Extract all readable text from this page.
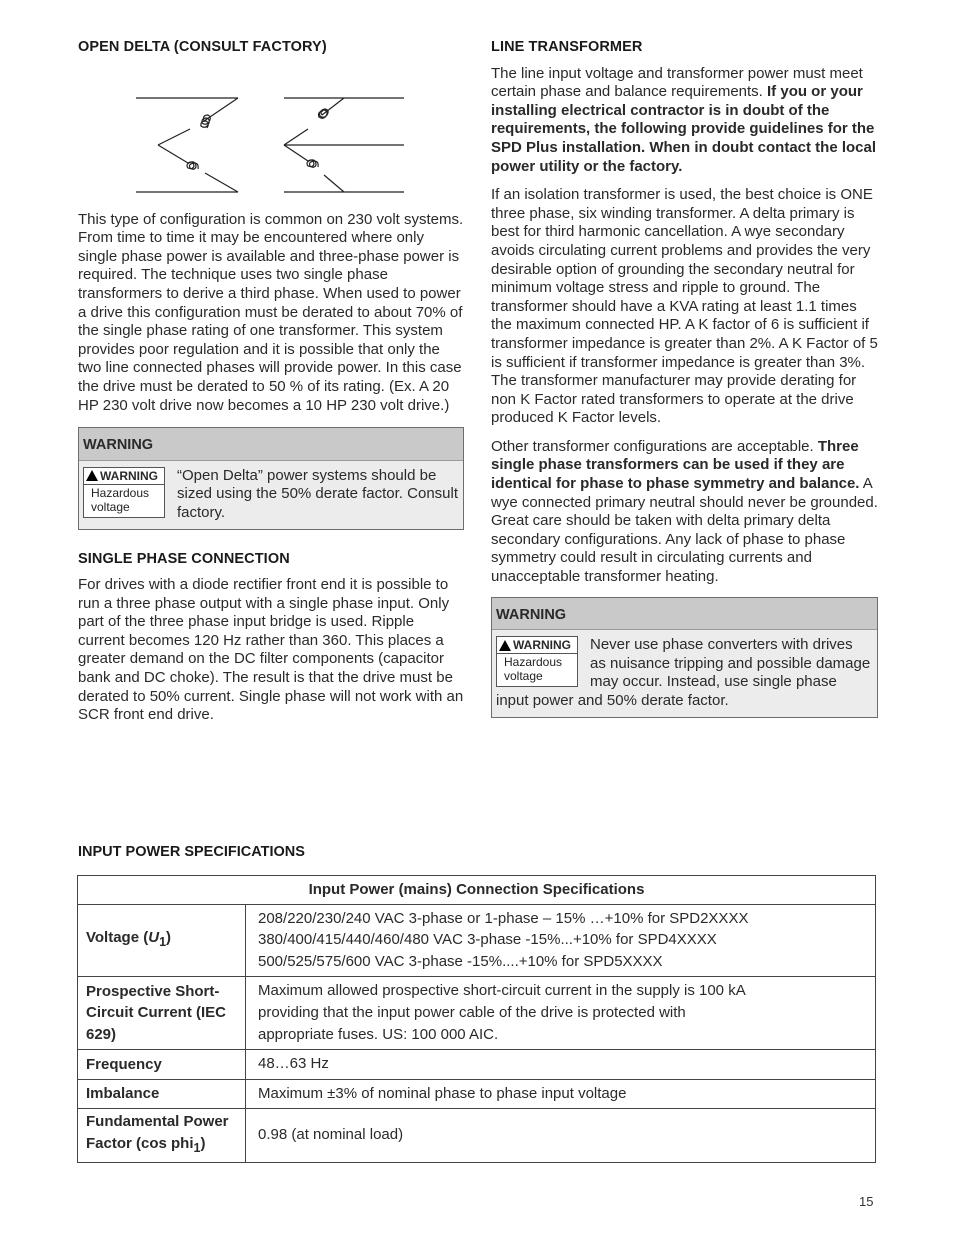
OPEN DELTA (CONSULT FACTORY)

This type of configuration is common on 230 volt systems. From time to time it may be encountered where only single phase power is available and three-phase power is required. The technique uses two single phase transformers to derive a third phase. When used to power a drive this configuration must be derated to about 70% of the single phase rating of one transformer. This system provides poor regulation and it is possible that only the two line connected phases will provide power. In this case the drive must be derated to 50 % of its rating. (Ex. A 20 HP 230 volt drive now becomes a 10 HP 230 volt drive.)

WARNING
WARNING
Hazardous voltage
“Open Delta” power systems should be sized using the 50% derate factor. Consult factory.
SINGLE PHASE CONNECTION

For drives with a diode rectifier front end it is possible to run a three phase output with a single phase input. Only part of the three phase input bridge is used. Ripple current becomes 120 Hz rather than 360. This places a greater demand on the DC filter components (capacitor bank and DC choke). The result is that the drive must be derated to 50% current. Single phase will not work with an SCR front end drive.

LINE TRANSFORMER

The line input voltage and transformer power must meet certain phase and balance requirements. If you or your installing electrical contractor is in doubt of the requirements, the following provide guidelines for the SPD Plus installation. When in doubt contact the local power utility or the factory.

If an isolation transformer is used, the best choice is ONE three phase, six winding transformer. A delta primary is best for third harmonic cancellation. A wye secondary avoids circulating current problems and provides the very desirable option of grounding the secondary neutral for minimum voltage stress and ripple to ground. The transformer should have a KVA rating at least 1.1 times the maximum connected HP. A K factor of 6 is sufficient if transformer impedance is greater than 2%. A K Factor of 5 is sufficient if transformer impedance is greater than 3%. The transformer manufacturer may provide derating for non K Factor rated transformers to operate at the drive produced K Factor levels.

Other transformer configurations are acceptable. Three single phase transformers can be used if they are identical for phase to phase symmetry and balance. A wye connected primary neutral should never be grounded. Great care should be taken with delta primary delta secondary configurations. Any lack of phase to phase symmetry could result in circulating currents and unacceptable transformer heating.

WARNING
WARNING
Hazardous voltage
Never use phase converters with drives as nuisance tripping and possible damage may occur. Instead, use single phase input power and 50% derate factor.
INPUT POWER SPECIFICATIONS
Input Power (mains) Connection Specifications	
Voltage $(U_1)$	208/220/230/240 VAC 3-phase or 1-phase – 15% …+10% for SPD2XXXX
380/400/415/440/460/480 VAC 3-phase -15%...+10% for SPD4XXXX
500/525/575/600 VAC 3-phase -15%....+10% for SPD5XXXX

Prospective Short-Circuit Current (IEC 629)	Maximum allowed prospective short-circuit current in the supply is 100 kA
providing that the input power cable of the drive is protected with
appropriate fuses. US: 100 000 AIC.

Frequency	48…63 Hz
Imbalance	Maximum ±3% of nominal phase to phase input voltage
Fundamental Power Factor (cos phi$_1$)	0.98 (at nominal load)
15
